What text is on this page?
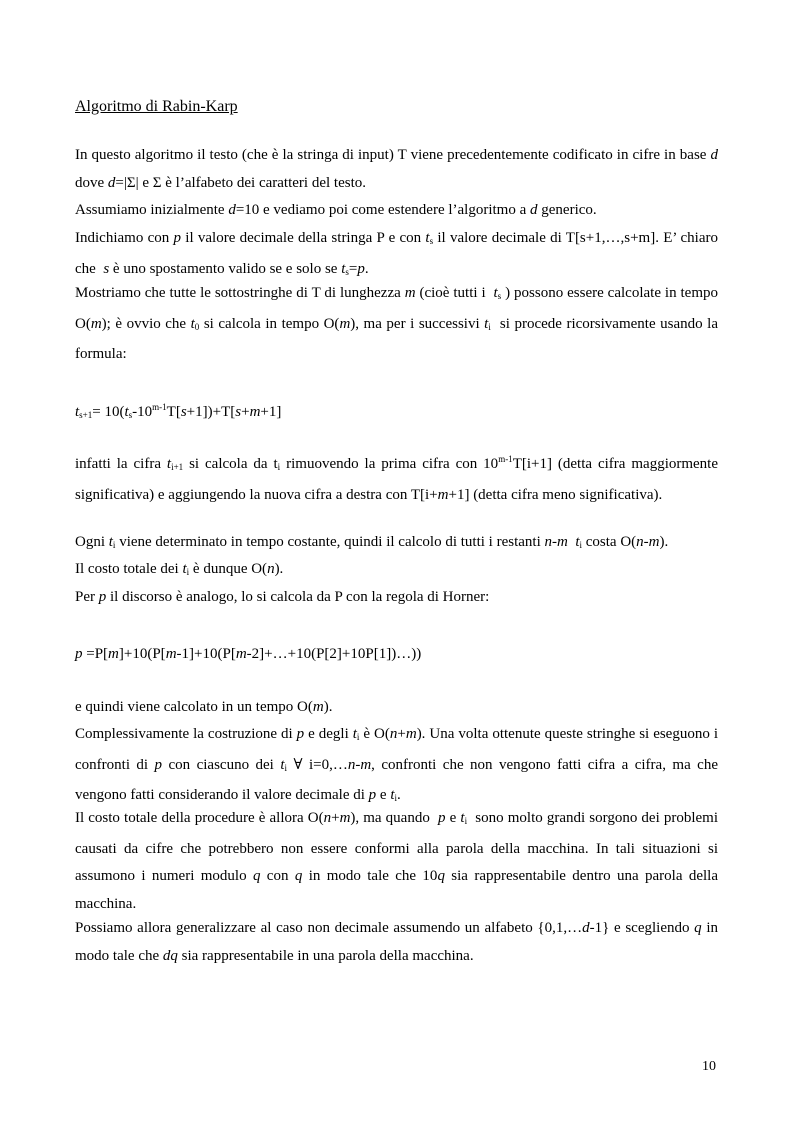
Algoritmo di Rabin-Karp

In questo algoritmo il testo (che è la stringa di input) T viene precedentemente codificato in cifre in base d dove d=|Σ| e Σ è l’alfabeto dei caratteri del testo.

Assumiamo inizialmente d=10 e vediamo poi come estendere l’algoritmo a d generico.

Indichiamo con p il valore decimale della stringa P e con $t_s$ il valore decimale di T[s+1,…,s+m]. E’ chiaro che  s è uno spostamento valido se e solo se $t_s=p$.

Mostriamo che tutte le sottostringhe di T di lunghezza m (cioè tutti i  $t_s$ ) possono essere calcolate in tempo O(m); è ovvio che $t_0$ si calcola in tempo O(m), ma per i successivi $t_i$  si procede ricorsivamente usando la formula:

$t_{s+1}= 10(t_s-10^{m-1}T[s+1])+T[s+m+1]$

infatti la cifra $t_{i+1}$ si calcola da $t_i$ rimuovendo la prima cifra con $10^{m-1}T[i+1]$ (detta cifra maggiormente significativa) e aggiungendo la nuova cifra a destra con T[i+m+1] (detta cifra meno significativa).

Ogni $t_i$ viene determinato in tempo costante, quindi il calcolo di tutti i restanti n-m $t_i$ costa O(n-m).

Il costo totale dei $t_i$ è dunque O(n).

Per p il discorso è analogo, lo si calcola da P con la regola di Horner:

p =P[m]+10(P[m-1]+10(P[m-2]+…+10(P[2]+10P[1])…))

e quindi viene calcolato in un tempo O(m).

Complessivamente la costruzione di p e degli $t_i$ è O(n+m). Una volta ottenute queste stringhe si eseguono i confronti di p con ciascuno dei $t_i$ ∀ i=0,…n-m, confronti che non vengono fatti cifra a cifra, ma che vengono fatti considerando il valore decimale di p e $t_i$.

Il costo totale della procedure è allora O(n+m), ma quando  p e $t_i$  sono molto grandi sorgono dei problemi causati da cifre che potrebbero non essere conformi alla parola della macchina. In tali situazioni si assumono i numeri modulo q con q in modo tale che 10q sia rappresentabile dentro una parola della macchina.

Possiamo allora generalizzare al caso non decimale assumendo un alfabeto {0,1,…d-1} e scegliendo q in modo tale che dq sia rappresentabile in una parola della macchina.

10
